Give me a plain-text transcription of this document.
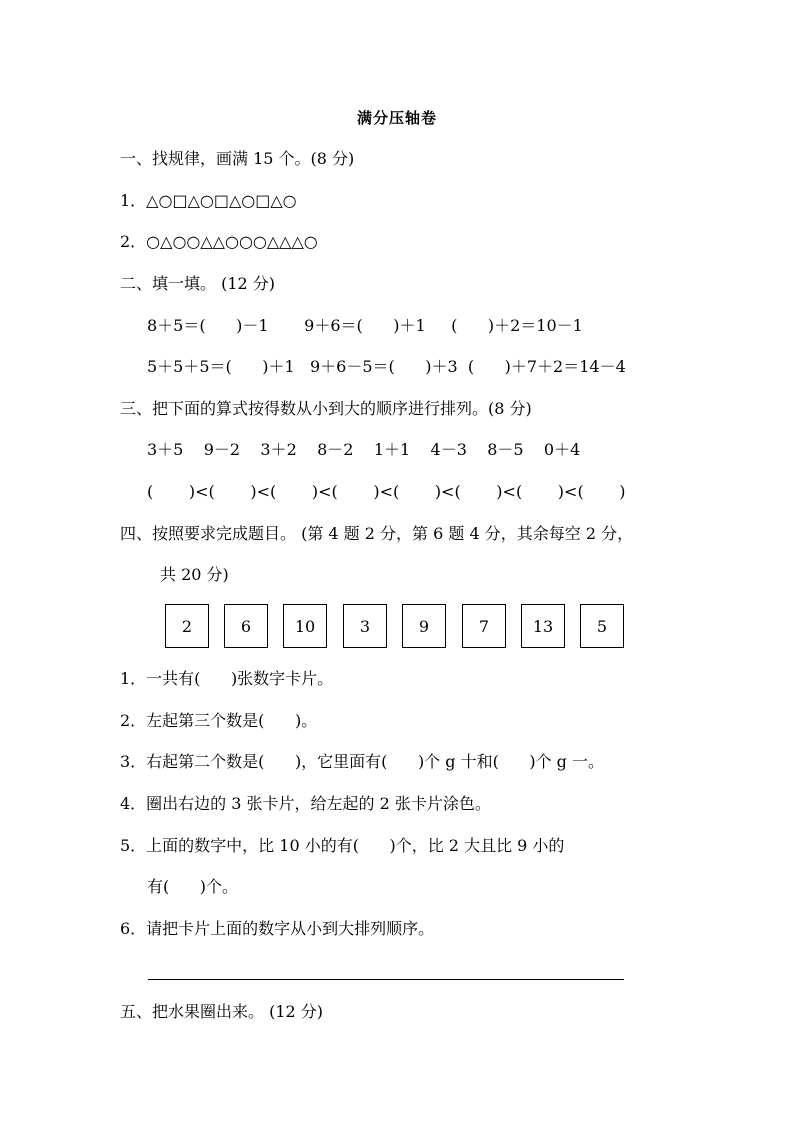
满分压轴卷
一、找规律，画满 15 个。(8 分)
1．△○□△○□△○□△○
2．○△○○△△○○○△△△○
二、填一填。 (12 分)
8＋5＝(      )－1       9＋6＝(      )＋1     (      )＋2＝10－1
5＋5＋5＝(      )＋1   9＋6－5＝(      )＋3  (      )＋7＋2＝14－4
三、把下面的算式按得数从小到大的顺序进行排列。(8 分)
3＋5    9－2    3＋2    8－2    1＋1    4－3    8－5    0＋4
(       )<(       )<(       )<(       )<(       )<(       )<(       )<(       )
四、按照要求完成题目。 (第 4 题 2 分，第 6 题 4 分，其余每空 2 分，
共 20 分)
2	6	10	3	9	7	13	5
1．一共有(      )张数字卡片。
2．左起第三个数是(      )。
3．右起第二个数是(      )，它里面有(      )个 g 十和(      )个 g 一。
4．圈出右边的 3 张卡片，给左起的 2 张卡片涂色。
5．上面的数字中，比 10 小的有(      )个，比 2 大且比 9 小的
有(      )个。
6．请把卡片上面的数字从小到大排列顺序。
五、把水果圈出来。 (12 分)
